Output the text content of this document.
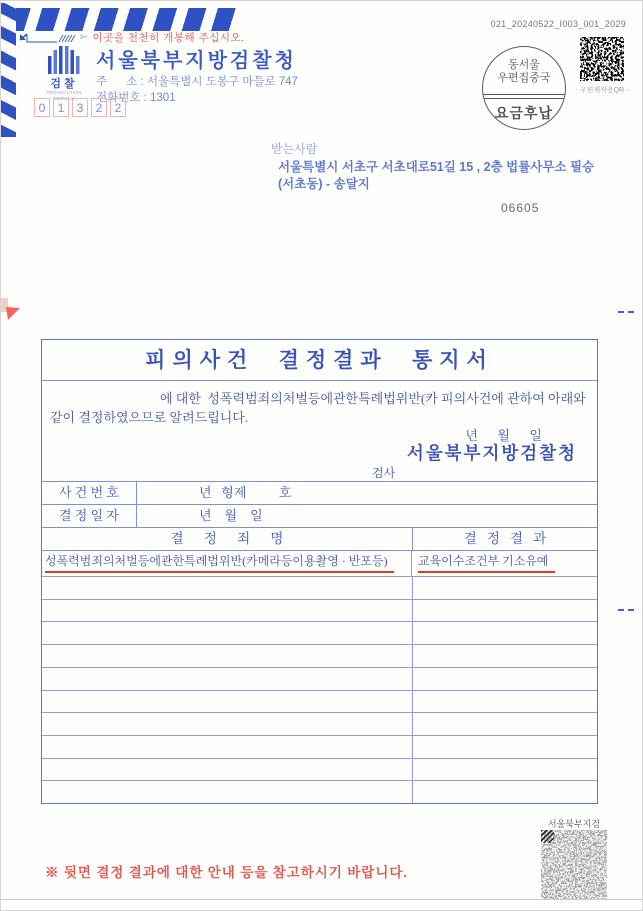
✄ 이곳을 천천히 개봉해 주십시오.
검찰
PROSECUTION SERVICE
서울북부지방검찰청
주      소 : 서울특별시 도봉구 마들로 747
전화번호 : 1301
0	1	3	2	2
021_20240522_I003_001_2029
동서울
우편집중국
요금후납
- 우편제작용QR -
받는사람
서울특별시 서초구 서초대로51길 15 , 2층 법률사무소 필승
(서초동) - 송달지
06605
피의사건 결정결과 통지서
에 대한  성폭력범죄의처벌등에관한특례법위반(카 피의사건에 관하여 아래와
같이 결정하였으므로 알려드립니다.
년      월      일
서울북부지방검찰청
검사
사 건 번 호	년   형제          호
결 정 일 자	년    월    일
결      정      죄      명	결   정   결   과
성폭력범죄의처벌등에관한특례법위반(카메라등이용촬영 · 반포등)	교육이수조건부 기소유예
서울북부지검
※ 뒷면 결정 결과에 대한 안내 등을 참고하시기 바랍니다.
